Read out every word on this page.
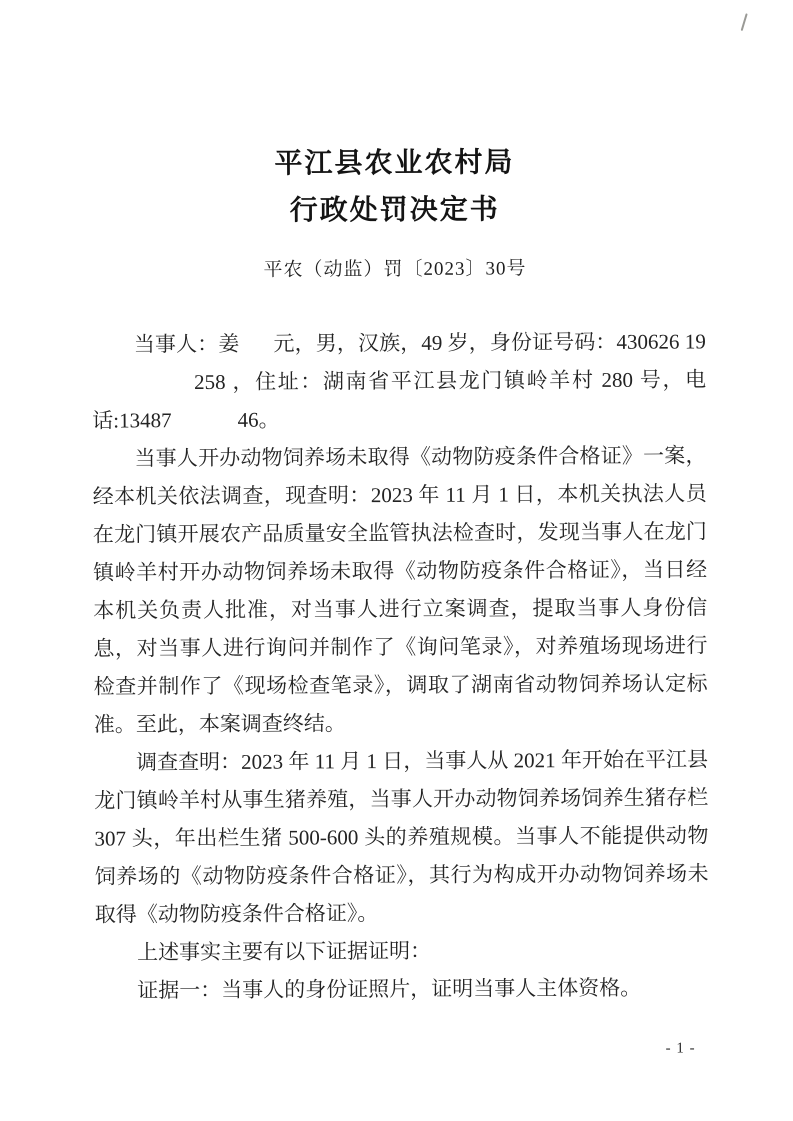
平江县农业农村局
行政处罚决定书
平农（动监）罚〔2023〕30号

当事人：姜 元，男，汉族，49 岁，身份证号码：430626 19258 ，住址：湖南省平江县龙门镇岭羊村 280 号，电话:13487	46。

当事人开办动物饲养场未取得《动物防疫条件合格证》一案，经本机关依法调查，现查明：2023 年 11 月 1 日，本机关执法人员在龙门镇开展农产品质量安全监管执法检查时，发现当事人在龙门镇岭羊村开办动物饲养场未取得《动物防疫条件合格证》，当日经本机关负责人批准，对当事人进行立案调查，提取当事人身份信息，对当事人进行询问并制作了《询问笔录》，对养殖场现场进行检查并制作了《现场检查笔录》，调取了湖南省动物饲养场认定标准。至此，本案调查终结。

调查查明：2023 年 11 月 1 日，当事人从 2021 年开始在平江县龙门镇岭羊村从事生猪养殖，当事人开办动物饲养场饲养生猪存栏 307 头，年出栏生猪 500-600 头的养殖规模。当事人不能提供动物饲养场的《动物防疫条件合格证》，其行为构成开办动物饲养场未取得《动物防疫条件合格证》。

上述事实主要有以下证据证明：

证据一：当事人的身份证照片，证明当事人主体资格。

- 1 -
